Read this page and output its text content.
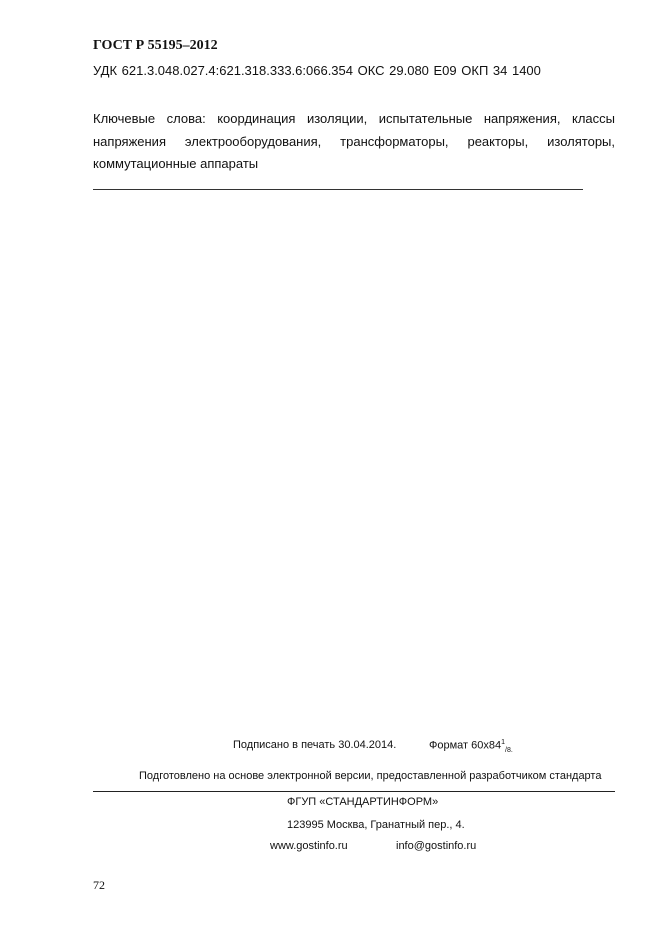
ГОСТ Р 55195–2012
УДК 621.3.048.027.4:621.318.333.6:066.354 ОКС 29.080 Е09 ОКП 34 1400
Ключевые слова: координация изоляции, испытательные напряжения, классы
напряжения электрооборудования, трансформаторы, реакторы, изоляторы,
коммутационные аппараты
Подписано в печать 30.04.2014.	Формат $60х84^1_{/8.}$
Подготовлено на основе электронной версии, предоставленной разработчиком стандарта
ФГУП «СТАНДАРТИНФОРМ»
123995 Москва, Гранатный пер., 4.
www.gostinfo.ru	info@gostinfo.ru
72
